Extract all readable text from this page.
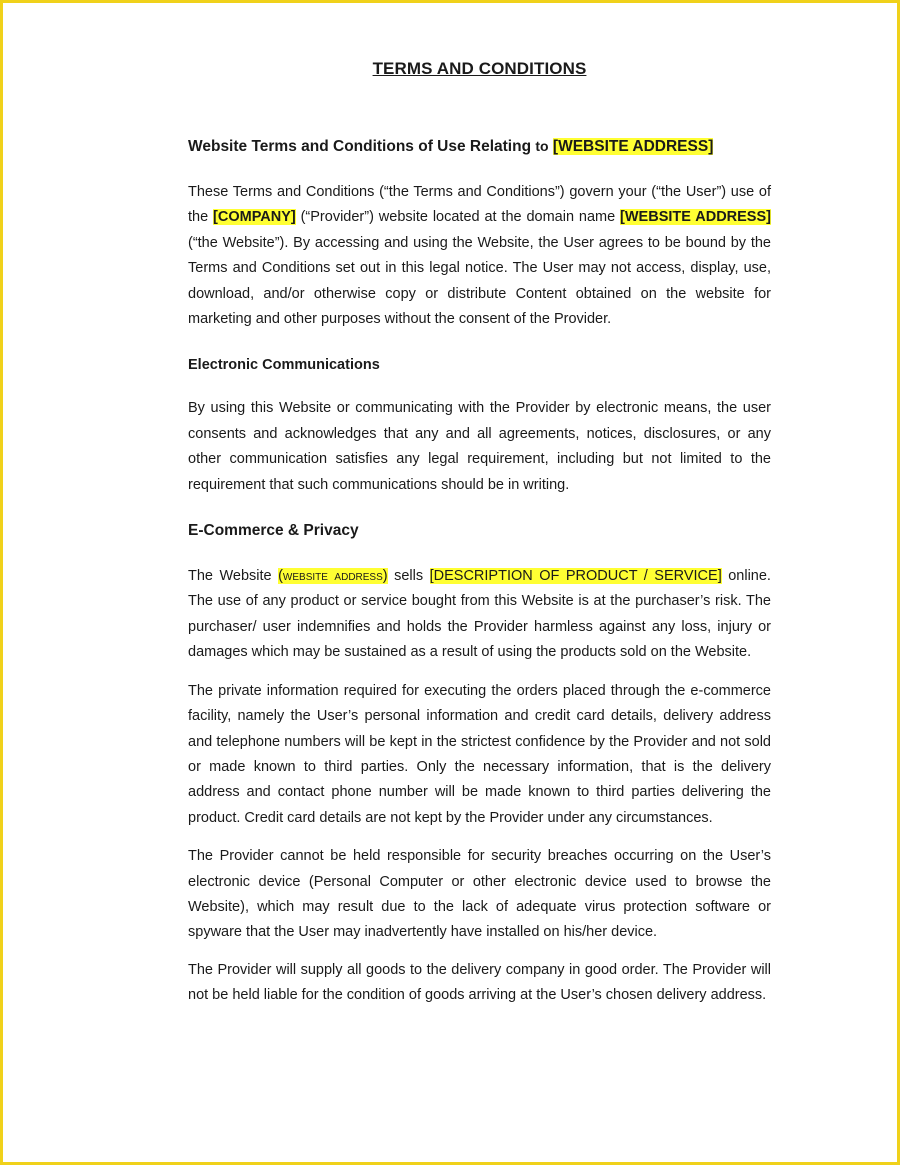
TERMS AND CONDITIONS
Website Terms and Conditions of Use Relating to [WEBSITE ADDRESS]

These Terms and Conditions (“the Terms and Conditions”) govern your (“the User”) use of the [COMPANY] (“Provider”) website located at the domain name [WEBSITE ADDRESS] (“the Website”). By accessing and using the Website, the User agrees to be bound by the Terms and Conditions set out in this legal notice. The User may not access, display, use, download, and/or otherwise copy or distribute Content obtained on the website for marketing and other purposes without the consent of the Provider.

Electronic Communications

By using this Website or communicating with the Provider by electronic means, the user consents and acknowledges that any and all agreements, notices, disclosures, or any other communication satisfies any legal requirement, including but not limited to the requirement that such communications should be in writing.

E-Commerce & Privacy

The Website (website address) sells [DESCRIPTION OF PRODUCT / SERVICE] online. The use of any product or service bought from this Website is at the purchaser’s risk. The purchaser/ user indemnifies and holds the Provider harmless against any loss, injury or damages which may be sustained as a result of using the products sold on the Website.

The private information required for executing the orders placed through the e-commerce facility, namely the User’s personal information and credit card details, delivery address and telephone numbers will be kept in the strictest confidence by the Provider and not sold or made known to third parties. Only the necessary information, that is the delivery address and contact phone number will be made known to third parties delivering the product. Credit card details are not kept by the Provider under any circumstances.

The Provider cannot be held responsible for security breaches occurring on the User’s electronic device (Personal Computer or other electronic device used to browse the Website), which may result due to the lack of adequate virus protection software or spyware that the User may inadvertently have installed on his/her device.

The Provider will supply all goods to the delivery company in good order. The Provider will not be held liable for the condition of goods arriving at the User’s chosen delivery address.
